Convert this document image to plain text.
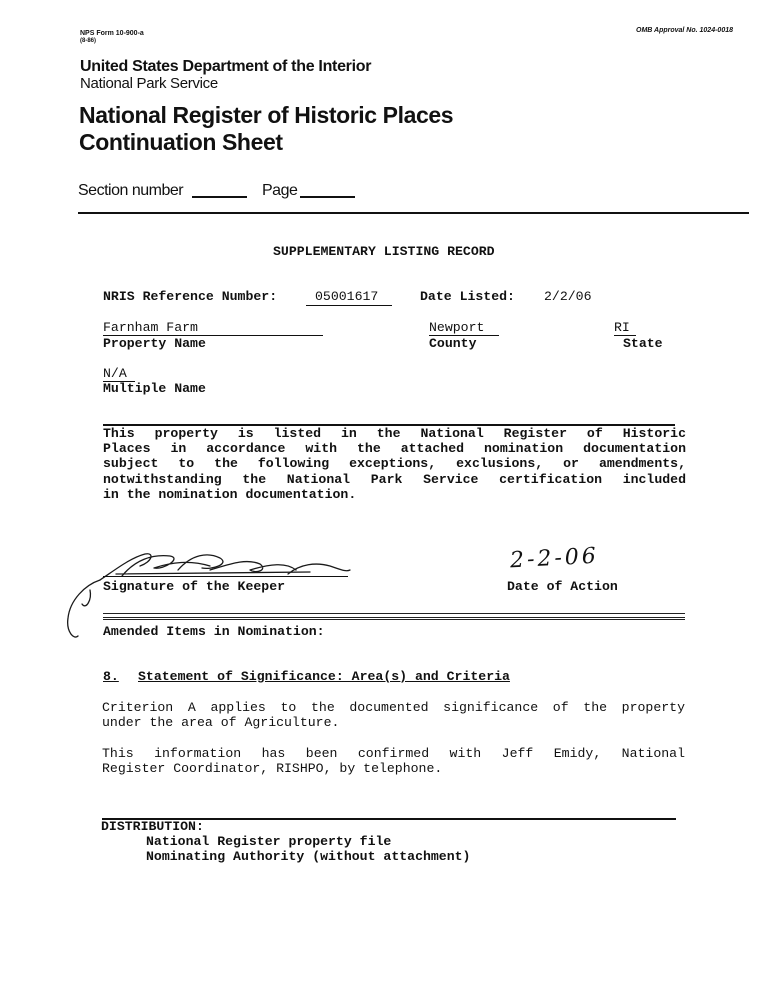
NPS Form 10-900-a
(8-86)
OMB Approval No. 1024-0018
United States Department of the Interior
National Park Service
National Register of Historic Places
Continuation Sheet
Section number	Page
SUPPLEMENTARY LISTING RECORD
NRIS Reference Number:	05001617	Date Listed: 2/2/06
Farnham Farm
Property Name
Newport
County
RI
State
N/A
Multiple Name
This property is listed in the National Register of Historic
Places in accordance with the attached nomination documentation
subject to the following exceptions, exclusions, or amendments,
notwithstanding the National Park Service certification included
in the nomination documentation.
Signature of the Keeper
2-2-06
Date of Action
Amended Items in Nomination:
8. Statement of Significance: Area(s) and Criteria
Criterion A applies to the documented significance of the property
under the area of Agriculture.
This information has been confirmed with Jeff Emidy, National
Register Coordinator, RISHPO, by telephone.
DISTRIBUTION:
National Register property file
Nominating Authority (without attachment)
